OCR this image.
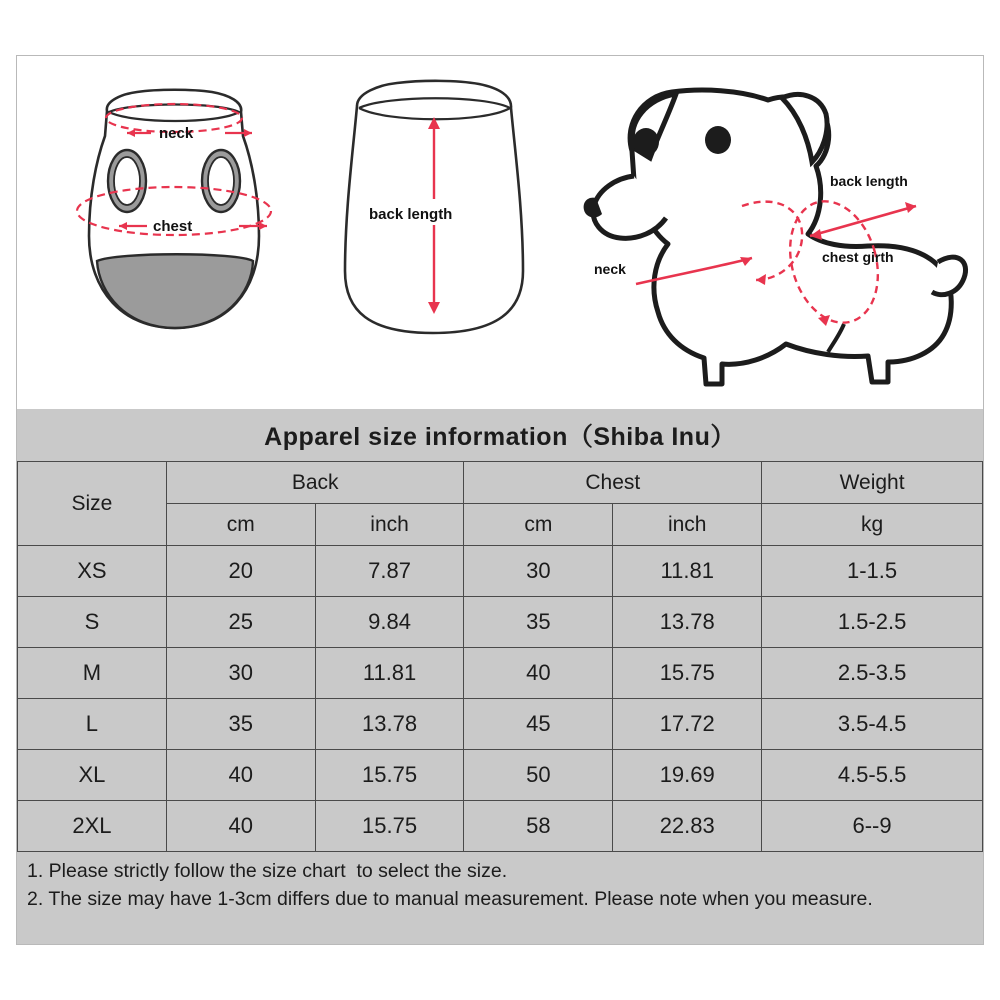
neck
chest
back length
neck
chest girth
back length
Apparel size information（Shiba Inu）					
Size	Back		Chest		Weight
	cm	inch	cm	inch	kg
XS	20	7.87	30	11.81	1-1.5
S	25	9.84	35	13.78	1.5-2.5
M	30	11.81	40	15.75	2.5-3.5
L	35	13.78	45	17.72	3.5-4.5
XL	40	15.75	50	19.69	4.5-5.5
2XL	40	15.75	58	22.83	6--9
1. Please strictly follow the size chart  to select the size.
2. The size may have 1-3cm differs due to manual measurement. Please note when you measure.
